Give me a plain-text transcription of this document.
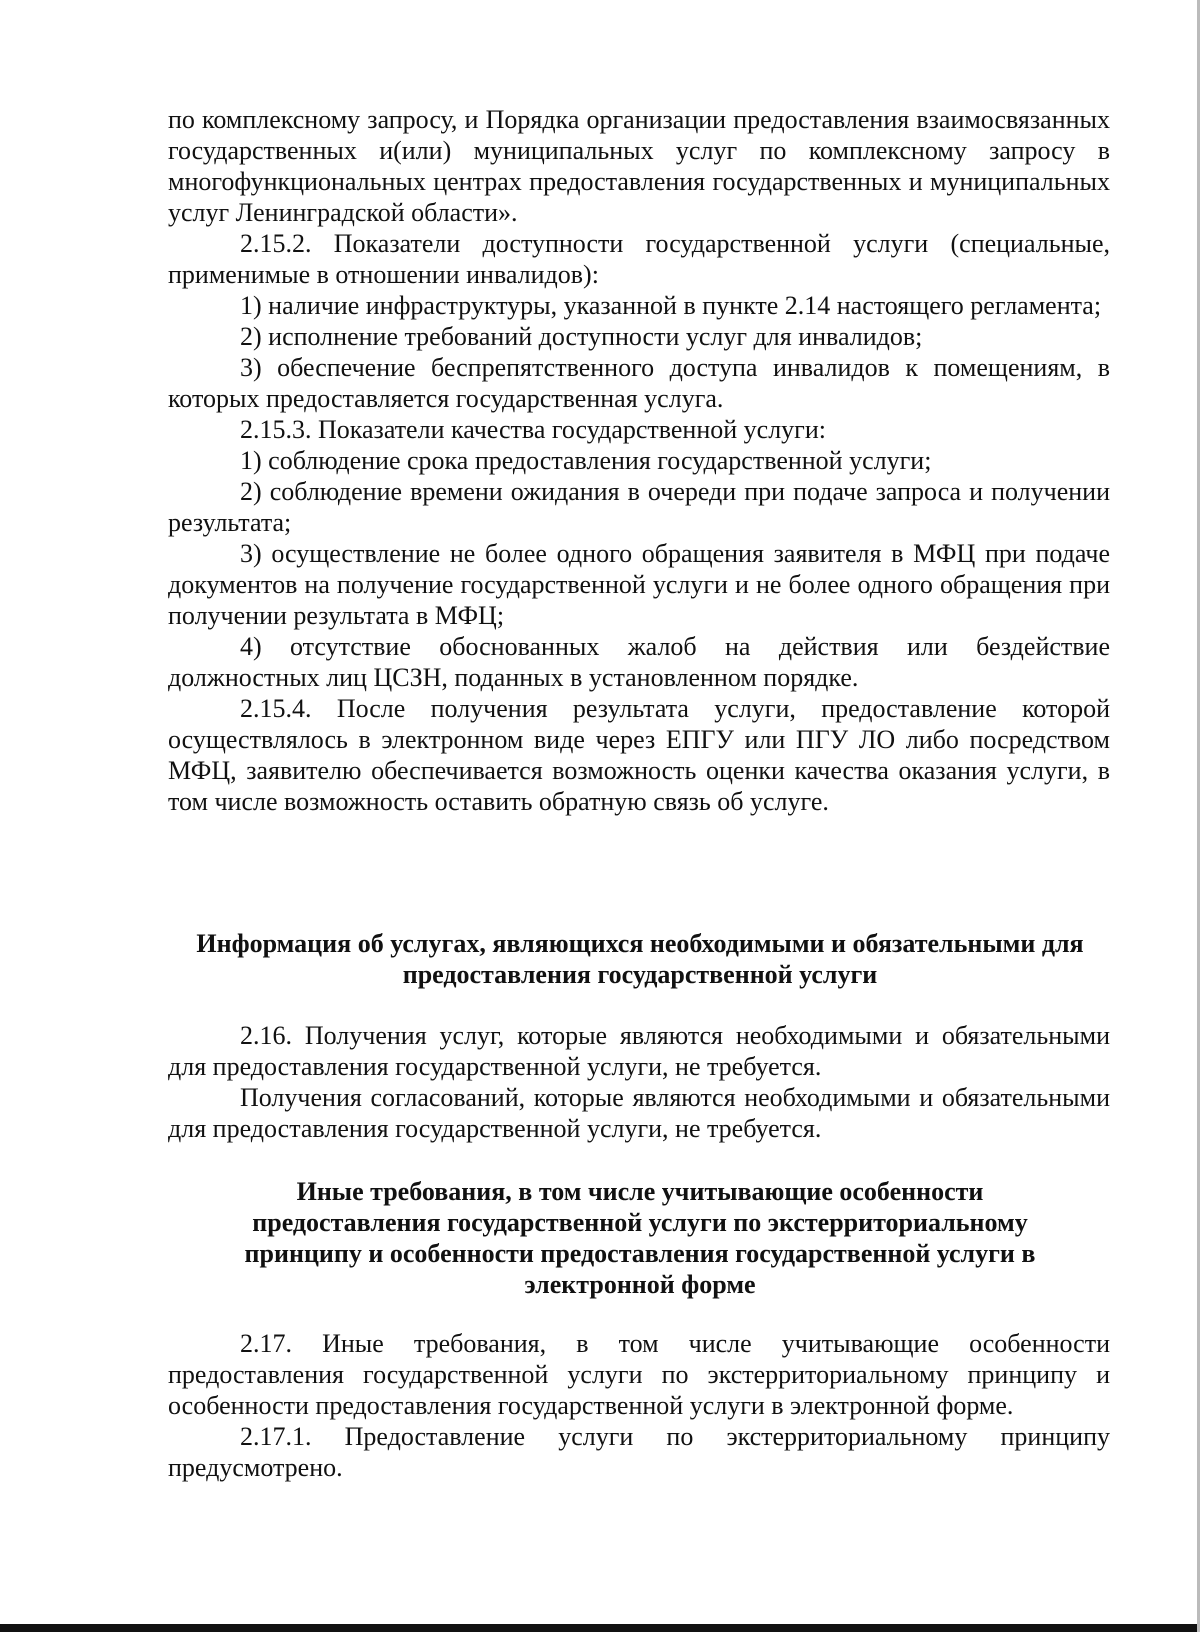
по комплексному запросу, и Порядка организации предоставления взаимосвязанных государственных и(или) муниципальных услуг по комплексному запросу в многофункциональных центрах предоставления государственных и муниципальных услуг Ленинградской области».

2.15.2. Показатели доступности государственной услуги (специальные, применимые в отношении инвалидов):

1) наличие инфраструктуры, указанной в пункте 2.14 настоящего регламента;

2) исполнение требований доступности услуг для инвалидов;

3) обеспечение беспрепятственного доступа инвалидов к помещениям, в которых предоставляется государственная услуга.

2.15.3. Показатели качества государственной услуги:

1) соблюдение срока предоставления государственной услуги;

2) соблюдение времени ожидания в очереди при подаче запроса и получении результата;

3) осуществление не более одного обращения заявителя в МФЦ при подаче документов на получение государственной услуги и не более одного обращения при получении результата в МФЦ;

4) отсутствие обоснованных жалоб на действия или бездействие должностных лиц ЦСЗН, поданных в установленном порядке.

2.15.4. После получения результата услуги, предоставление которой осуществлялось в электронном виде через ЕПГУ или ПГУ ЛО либо посредством МФЦ, заявителю обеспечивается возможность оценки качества оказания услуги, в том числе возможность оставить обратную связь об услуге.

Информация об услугах, являющихся необходимыми и обязательными для предоставления государственной услуги

2.16. Получения услуг, которые являются необходимыми и обязательными для предоставления государственной услуги, не требуется.

Получения согласований, которые являются необходимыми и обязательными для предоставления государственной услуги, не требуется.

Иные требования, в том числе учитывающие особенности предоставления государственной услуги по экстерриториальному принципу и особенности предоставления государственной услуги в электронной форме

2.17. Иные требования, в том числе учитывающие особенности предоставления государственной услуги по экстерриториальному принципу и особенности предоставления государственной услуги в электронной форме.

2.17.1. Предоставление услуги по экстерриториальному принципу предусмотрено.
